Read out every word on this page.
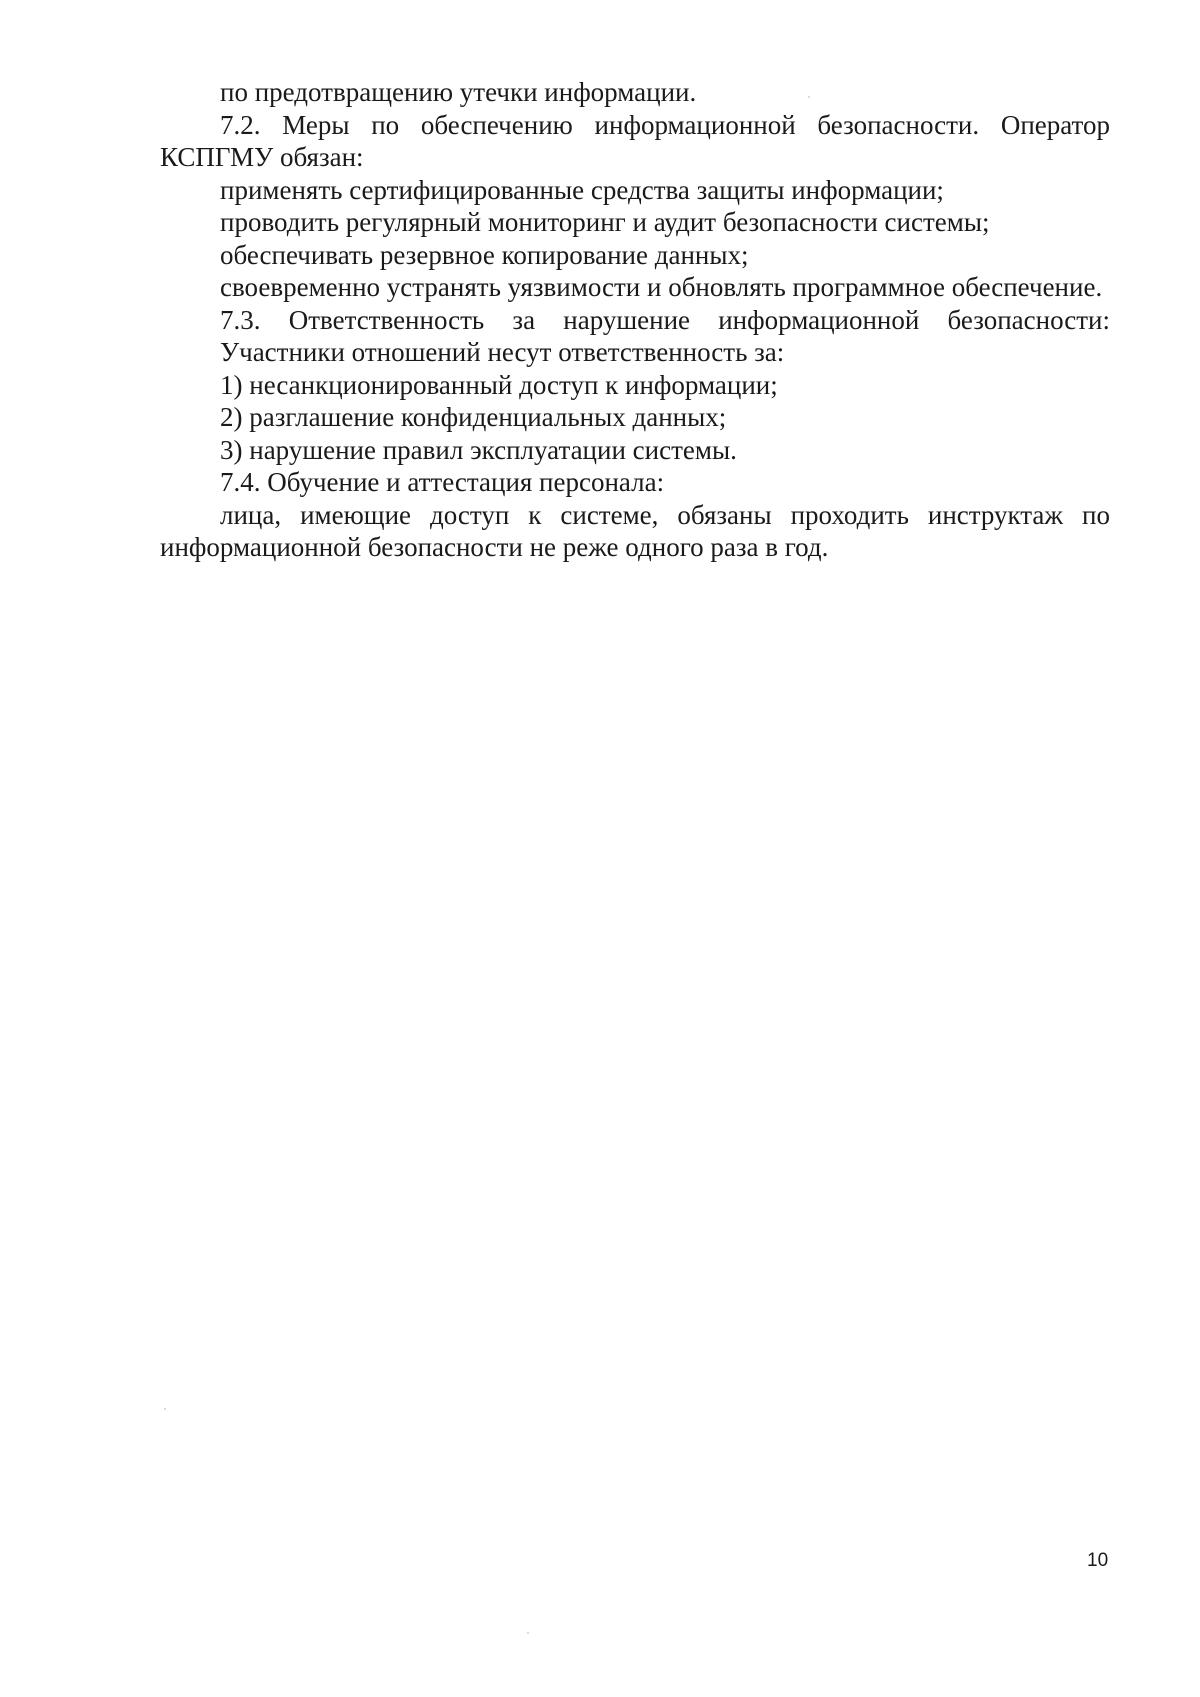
по предотвращению утечки информации.

7.2. Меры по обеспечению информационной безопасности. Оператор КСПГМУ обязан:

применять сертифицированные средства защиты информации;

проводить регулярный мониторинг и аудит безопасности системы;

обеспечивать резервное копирование данных;

своевременно устранять уязвимости и обновлять программное обеспечение.

7.3. Ответственность за нарушение информационной безопасности:

Участники отношений несут ответственность за:

1) несанкционированный доступ к информации;

2) разглашение конфиденциальных данных;

3) нарушение правил эксплуатации системы.

7.4. Обучение и аттестация персонала:

лица, имеющие доступ к системе, обязаны проходить инструктаж по информационной безопасности не реже одного раза в год.

10
